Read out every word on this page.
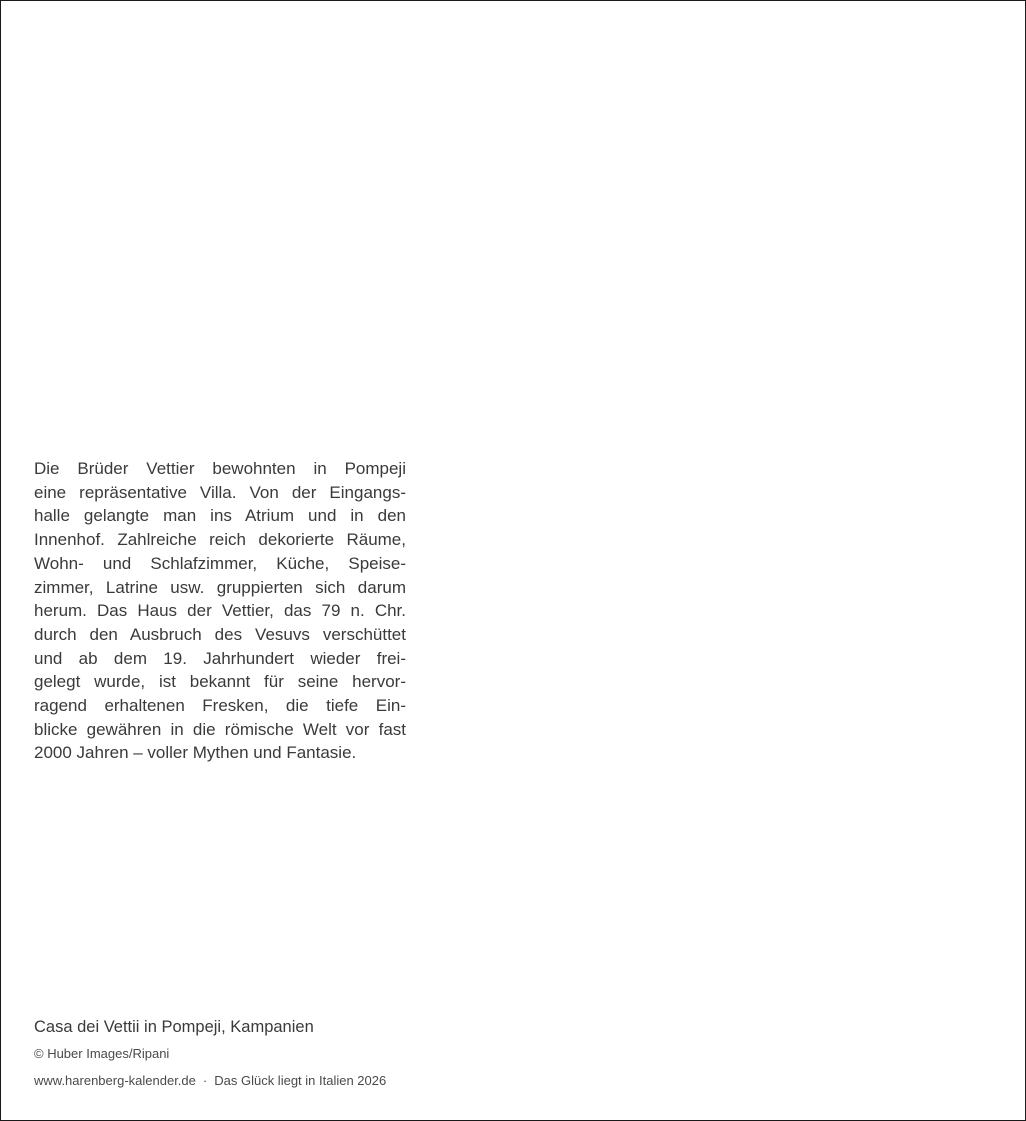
Die Brüder Vettier bewohnten in Pompeji
eine repräsentative Villa. Von der Eingangs-
halle gelangte man ins Atrium und in den
Innenhof. Zahlreiche reich dekorierte Räume,
Wohn- und Schlafzimmer, Küche, Speise-
zimmer, Latrine usw. gruppierten sich darum
herum. Das Haus der Vettier, das 79 n. Chr.
durch den Ausbruch des Vesuvs verschüttet
und ab dem 19. Jahrhundert wieder frei-
gelegt wurde, ist bekannt für seine hervor-
ragend erhaltenen Fresken, die tiefe Ein-
blicke gewähren in die römische Welt vor fast
2000 Jahren – voller Mythen und Fantasie.

Casa dei Vettii in Pompeji, Kampanien

© Huber Images/Ripani

www.harenberg-kalender.de · Das Glück liegt in Italien 2026
